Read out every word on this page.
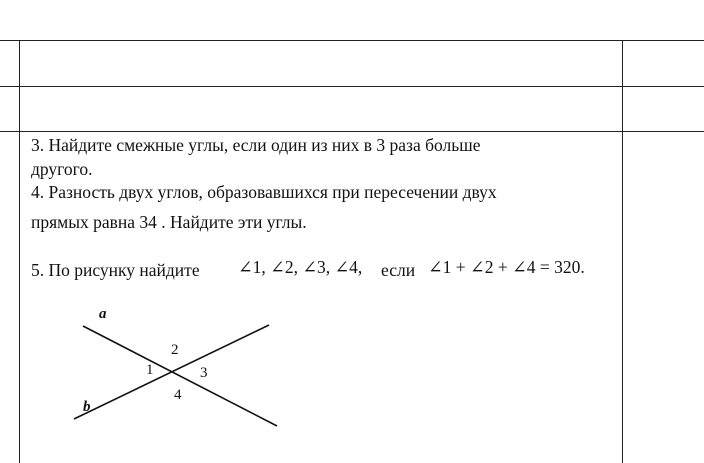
3. Найдите смежные углы, если один из них в 3 раза больше
другого.
4. Разность двух углов, образовавшихся при пересечении двух
прямых равна 34 . Найдите эти углы.
5. По рисунку найдите ∠1, ∠2, ∠3, ∠4, если ∠1 + ∠2 + ∠4 = 320.
a
b
1
2
3
4
